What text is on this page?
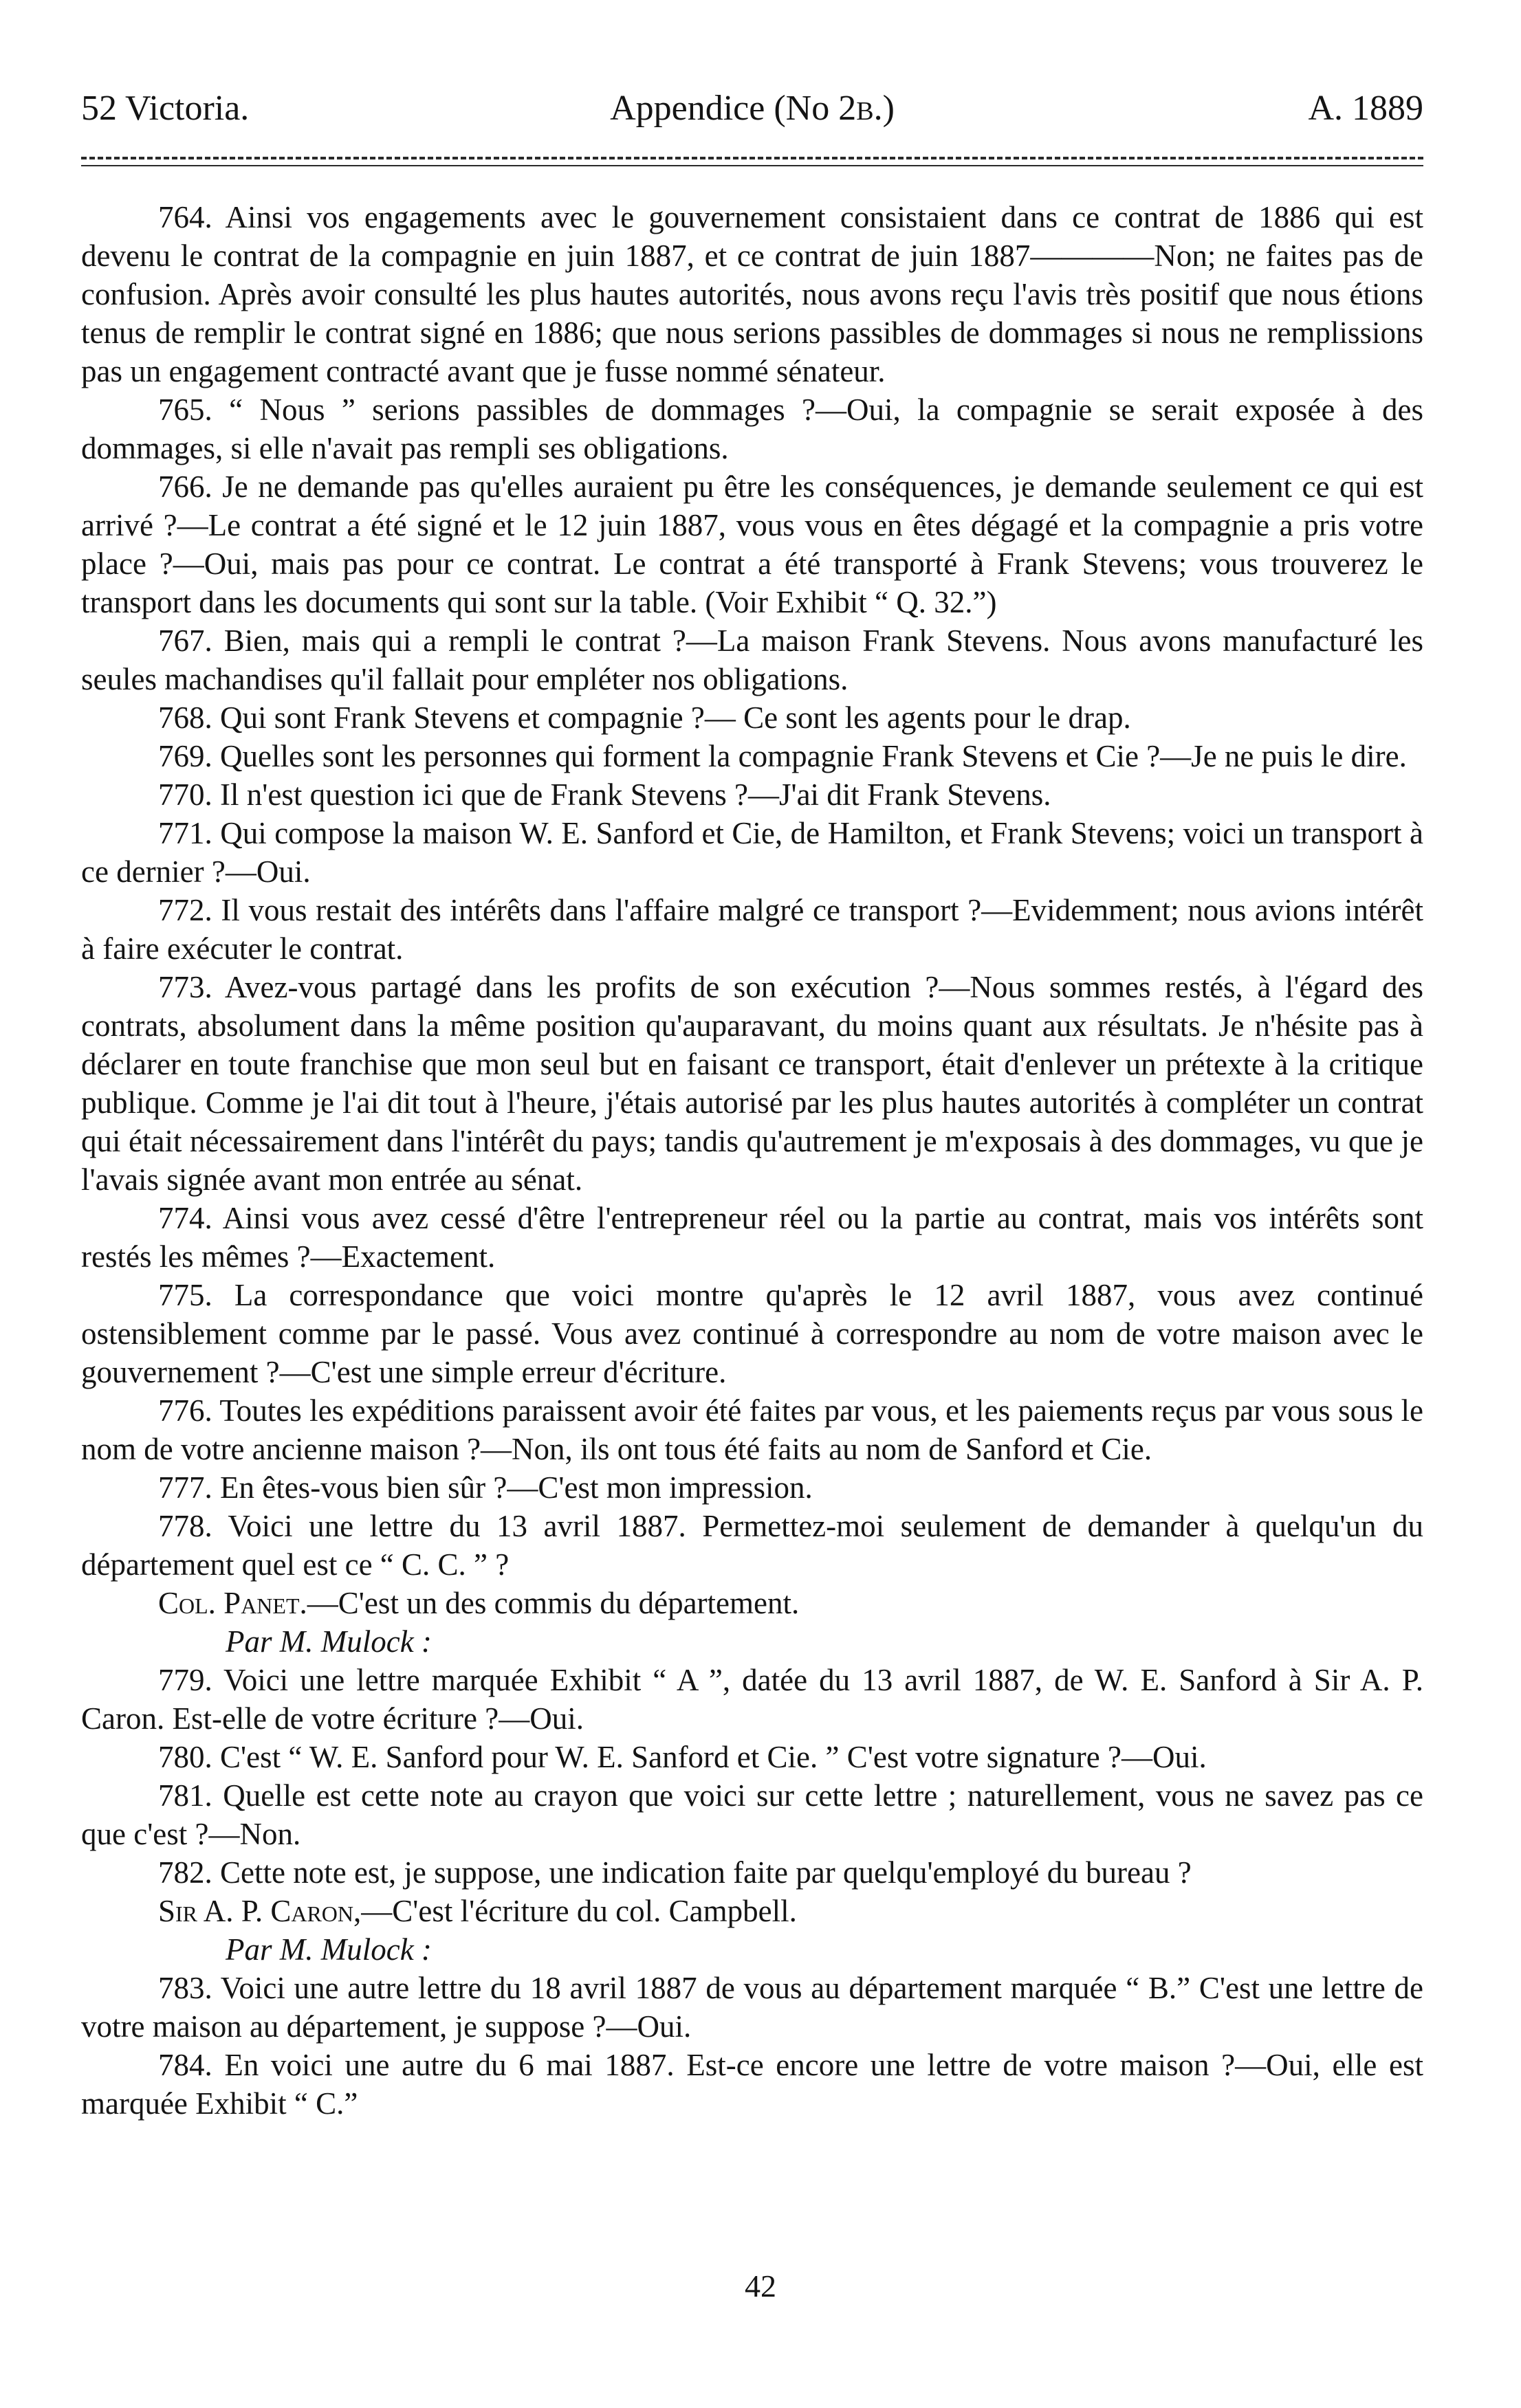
52 Victoria.	Appendice (No 2B.)	A. 1889

764. Ainsi vos engagements avec le gouvernement consistaient dans ce contrat de 1886 qui est devenu le contrat de la compagnie en juin 1887, et ce contrat de juin 1887————Non; ne faites pas de confusion. Après avoir consulté les plus hautes autorités, nous avons reçu l'avis très positif que nous étions tenus de remplir le contrat signé en 1886; que nous serions passibles de dommages si nous ne remplissions pas un engagement contracté avant que je fusse nommé sénateur.

765. “ Nous ” serions passibles de dommages ?—Oui, la compagnie se serait exposée à des dommages, si elle n'avait pas rempli ses obligations.

766. Je ne demande pas qu'elles auraient pu être les conséquences, je demande seulement ce qui est arrivé ?—Le contrat a été signé et le 12 juin 1887, vous vous en êtes dégagé et la compagnie a pris votre place ?—Oui, mais pas pour ce contrat. Le contrat a été transporté à Frank Stevens; vous trouverez le transport dans les documents qui sont sur la table. (Voir Exhibit “ Q. 32.”)

767. Bien, mais qui a rempli le contrat ?—La maison Frank Stevens. Nous avons manufacturé les seules machandises qu'il fallait pour empléter nos obligations.

768. Qui sont Frank Stevens et compagnie ?— Ce sont les agents pour le drap.

769. Quelles sont les personnes qui forment la compagnie Frank Stevens et Cie ?—Je ne puis le dire.

770. Il n'est question ici que de Frank Stevens ?—J'ai dit Frank Stevens.

771. Qui compose la maison W. E. Sanford et Cie, de Hamilton, et Frank Stevens; voici un transport à ce dernier ?—Oui.

772. Il vous restait des intérêts dans l'affaire malgré ce transport ?—Evidemment; nous avions intérêt à faire exécuter le contrat.

773. Avez-vous partagé dans les profits de son exécution ?—Nous sommes restés, à l'égard des contrats, absolument dans la même position qu'auparavant, du moins quant aux résultats. Je n'hésite pas à déclarer en toute franchise que mon seul but en faisant ce transport, était d'enlever un prétexte à la critique publique. Comme je l'ai dit tout à l'heure, j'étais autorisé par les plus hautes autorités à compléter un contrat qui était nécessairement dans l'intérêt du pays; tandis qu'autrement je m'exposais à des dommages, vu que je l'avais signée avant mon entrée au sénat.

774. Ainsi vous avez cessé d'être l'entrepreneur réel ou la partie au contrat, mais vos intérêts sont restés les mêmes ?—Exactement.

775. La correspondance que voici montre qu'après le 12 avril 1887, vous avez continué ostensiblement comme par le passé. Vous avez continué à correspondre au nom de votre maison avec le gouvernement ?—C'est une simple erreur d'écriture.

776. Toutes les expéditions paraissent avoir été faites par vous, et les paiements reçus par vous sous le nom de votre ancienne maison ?—Non, ils ont tous été faits au nom de Sanford et Cie.

777. En êtes-vous bien sûr ?—C'est mon impression.

778. Voici une lettre du 13 avril 1887. Permettez-moi seulement de demander à quelqu'un du département quel est ce “ C. C. ” ?

Col. Panet.—C'est un des commis du département.

Par M. Mulock :

779. Voici une lettre marquée Exhibit “ A ”, datée du 13 avril 1887, de W. E. Sanford à Sir A. P. Caron. Est-elle de votre écriture ?—Oui.

780. C'est “ W. E. Sanford pour W. E. Sanford et Cie. ” C'est votre signature ?—Oui.

781. Quelle est cette note au crayon que voici sur cette lettre ; naturellement, vous ne savez pas ce que c'est ?—Non.

782. Cette note est, je suppose, une indication faite par quelqu'employé du bureau ?

Sir A. P. Caron,—C'est l'écriture du col. Campbell.

Par M. Mulock :

783. Voici une autre lettre du 18 avril 1887 de vous au département marquée “ B.” C'est une lettre de votre maison au département, je suppose ?—Oui.

784. En voici une autre du 6 mai 1887. Est-ce encore une lettre de votre maison ?—Oui, elle est marquée Exhibit “ C.”

42
